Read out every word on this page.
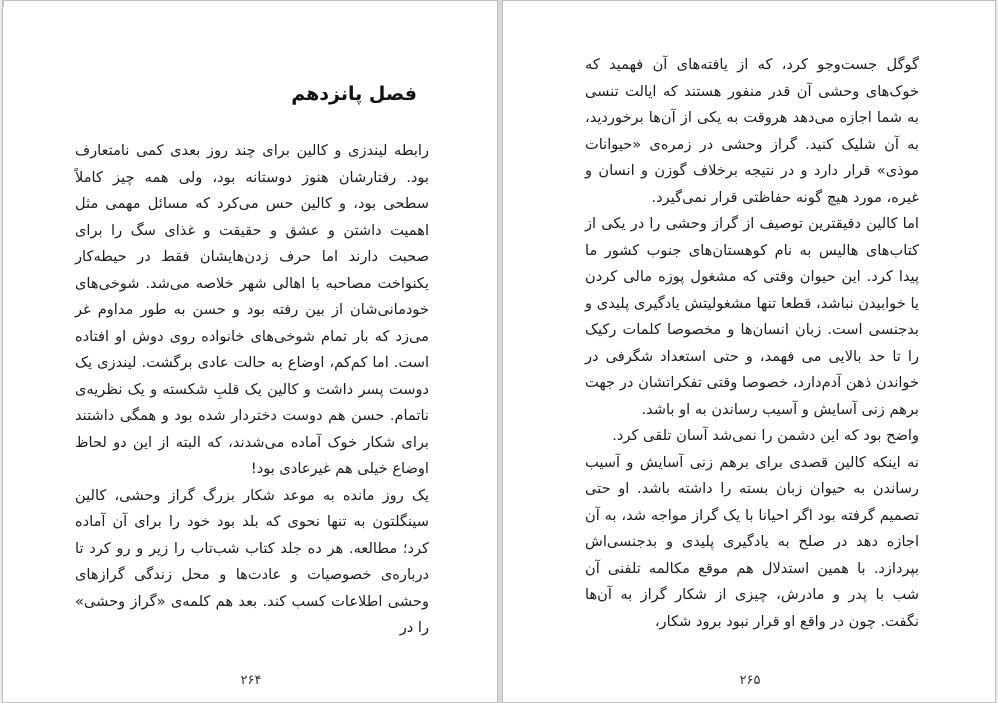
فصل پانزدهم
رابطه لیندزی و کالین برای چند روز بعدی کمی نامتعارف بود. رفتارشان هنوز دوستانه بود، ولی همه چیز کاملاً سطحی بود، و کالین حس می‌کرد که مسائل مهمی مثل اهمیت داشتن و عشق و حقیقت و غذای سگ را برای صحبت دارند اما حرف زدن‌هایشان فقط در حیطه‌کار یکنواخت مصاحبه با اهالی شهر خلاصه می‌شد. شوخی‌های خودمانی‌شان از بین رفته بود و حسن به طور مداوم غر می‌زد که بار تمام شوخی‌های خانواده روی دوش او افتاده است. اما کم‌کم، اوضاع به حالت عادی برگشت. لیندزی یک دوست پسر داشت و کالین یک قلبِ شکسته و یک نظریه‌ی ناتمام. حسن هم دوست دختردار شده بود و همگی داشتند برای شکار خوک آماده می‌شدند، که البته از این دو لحاظ اوضاع خیلی هم غیرعادی بود!
یک روز مانده به موعد شکار بزرگ گراز وحشی، کالین سینگلتون به تنها نحوی که بلد بود خود را برای آن آماده کرد؛ مطالعه. هر ده جلد کتاب شب‌تاب را زیر و رو کرد تا درباره‌ی خصوصیات و عادت‌ها و محل زندگی گرازهای وحشی اطلاعات کسب کند. بعد هم کلمه‌ی «گراز وحشی» را در
۲۶۴
گوگل جست‌وجو کرد، که از یافته‌های آن فهمید که خوک‌های وحشی آن قدر منفور هستند که ایالت تنسی به شما اجازه می‌دهد هروقت به یکی از آن‌ها برخوردید، به آن شلیک کنید. گراز وحشی در زمره‌ی «حیوانات موذی» قرار دارد و در نتیجه برخلاف گوزن و انسان و غیره، مورد هیچ گونه حفاظتی قرار نمی‌گیرد.
اما کالین دقیقترین توصیف از گراز وحشی را در یکی از کتاب‌های هالیس به نام کوهستان‌های جنوب کشور ما پیدا کرد. این حیوان وقتی که مشغول پوزه مالی کردن یا خوابیدن نباشد، قطعا تنها مشغولیتش یادگیری پلیدی و بدجنسی است. زبان انسان‌ها و مخصوصا کلمات رکیک را تا حد بالایی می فهمد، و حتی استعداد شگرفی در خواندن ذهن آدم‌دارد، خصوصا وقتی تفکراتشان در جهت برهم زنی آسایش و آسیب رساندن به او باشد.
واضح بود که این دشمن را نمی‌شد آسان تلقی کرد.
نه اینکه کالین قصدی برای برهم زنی آسایش و آسیب رساندن به حیوان زبان بسته را داشته باشد. او حتی تصمیم گرفته بود اگر احیانا با یک گراز مواجه شد، به آن اجازه دهد در صلح به یادگیری پلیدی و بدجنسی‌اش بپردازد. با همین استدلال هم موقع مکالمه تلفنی آن شب با پدر و مادرش، چیزی از شکار گراز به آن‌ها نگفت. چون در واقع او قرار نبود برود شکار،
۲۶۵
